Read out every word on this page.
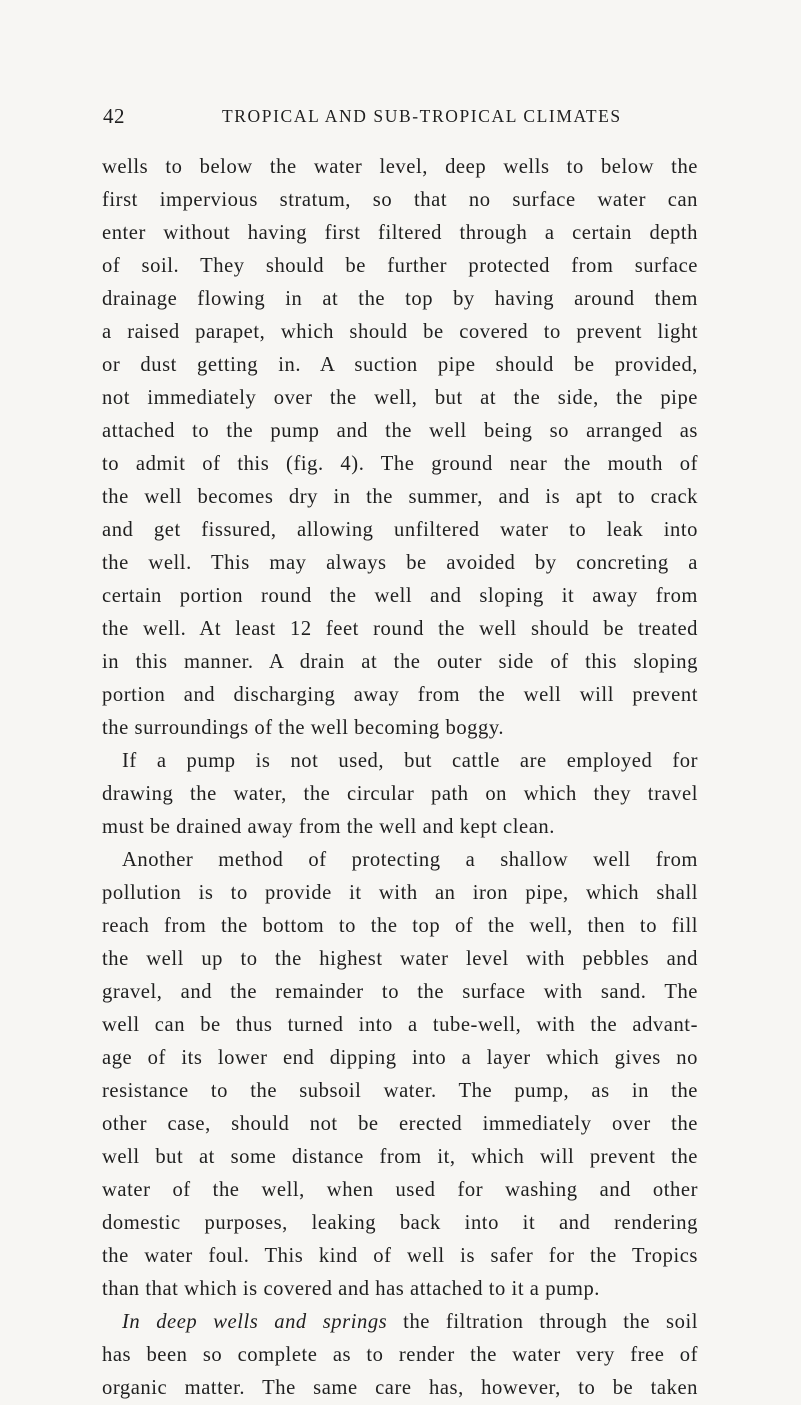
42	TROPICAL AND SUB-TROPICAL CLIMATES
wells to below the water level, deep wells to below the
first impervious stratum, so that no surface water can
enter without having first filtered through a certain depth
of soil. They should be further protected from surface
drainage flowing in at the top by having around them
a raised parapet, which should be covered to prevent light
or dust getting in. A suction pipe should be provided,
not immediately over the well, but at the side, the pipe
attached to the pump and the well being so arranged as
to admit of this (fig. 4). The ground near the mouth of
the well becomes dry in the summer, and is apt to crack
and get fissured, allowing unfiltered water to leak into
the well. This may always be avoided by concreting a
certain portion round the well and sloping it away from
the well. At least 12 feet round the well should be treated
in this manner. A drain at the outer side of this sloping
portion and discharging away from the well will prevent
the surroundings of the well becoming boggy.
If a pump is not used, but cattle are employed for
drawing the water, the circular path on which they travel
must be drained away from the well and kept clean.
Another method of protecting a shallow well from
pollution is to provide it with an iron pipe, which shall
reach from the bottom to the top of the well, then to fill
the well up to the highest water level with pebbles and
gravel, and the remainder to the surface with sand. The
well can be thus turned into a tube-well, with the advant-
age of its lower end dipping into a layer which gives no
resistance to the subsoil water. The pump, as in the
other case, should not be erected immediately over the
well but at some distance from it, which will prevent the
water of the well, when used for washing and other
domestic purposes, leaking back into it and rendering
the water foul. This kind of well is safer for the Tropics
than that which is covered and has attached to it a pump.
In deep wells and springs the filtration through the soil
has been so complete as to render the water very free of
organic matter. The same care has, however, to be taken
